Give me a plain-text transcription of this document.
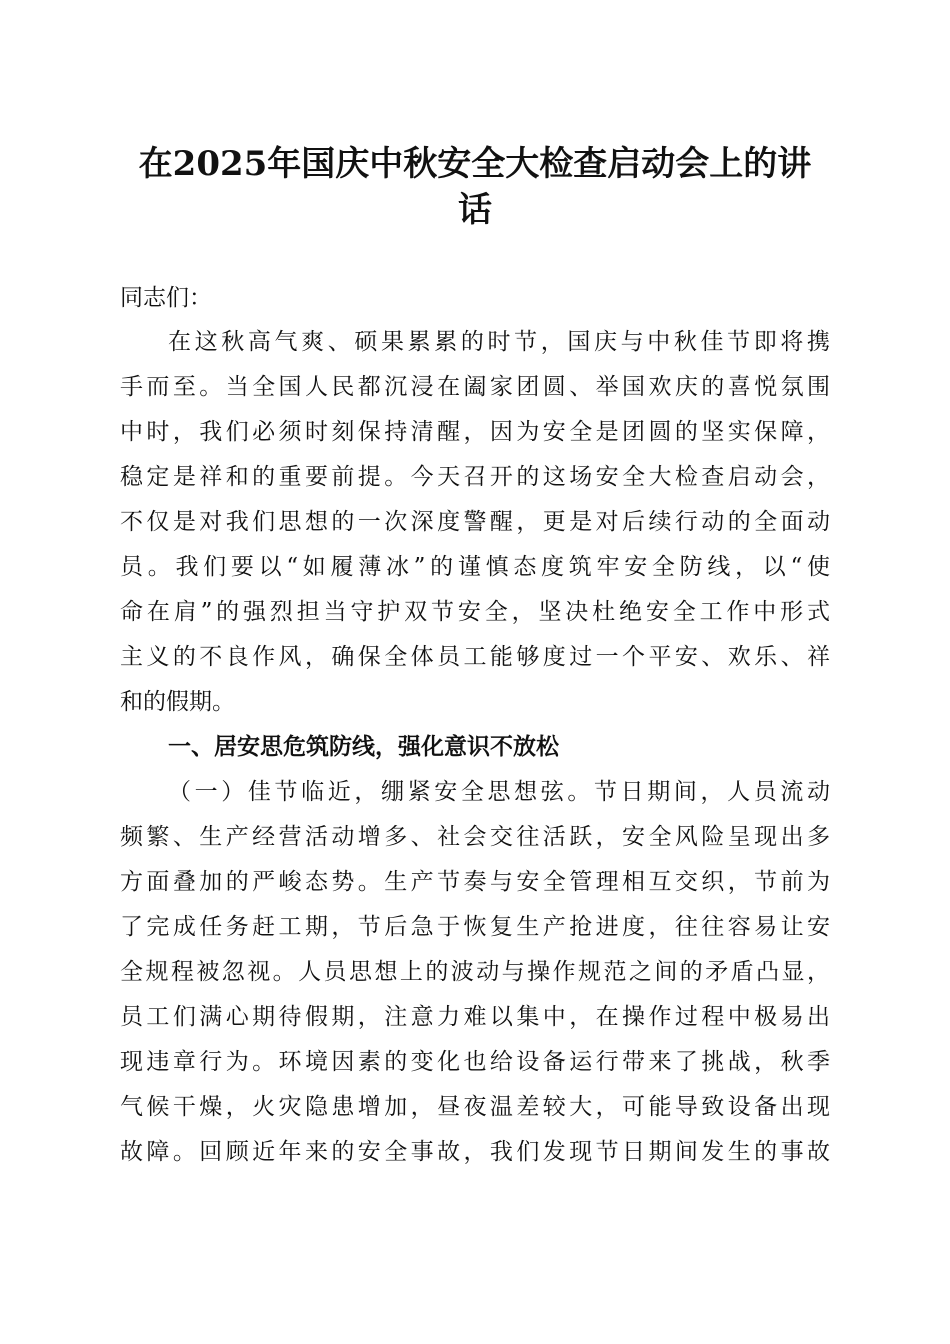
在2025年国庆中秋安全大检查启动会上的讲
话
同志们：
在这秋高气爽、硕果累累的时节，国庆与中秋佳节即将携
手而至。当全国人民都沉浸在阖家团圆、举国欢庆的喜悦氛围
中时，我们必须时刻保持清醒，因为安全是团圆的坚实保障，
稳定是祥和的重要前提。今天召开的这场安全大检查启动会，
不仅是对我们思想的一次深度警醒，更是对后续行动的全面动
员。我们要以“如履薄冰”的谨慎态度筑牢安全防线，以“使
命在肩”的强烈担当守护双节安全，坚决杜绝安全工作中形式
主义的不良作风，确保全体员工能够度过一个平安、欢乐、祥
和的假期。
一、居安思危筑防线，强化意识不放松
（一）佳节临近，绷紧安全思想弦。节日期间，人员流动
频繁、生产经营活动增多、社会交往活跃，安全风险呈现出多
方面叠加的严峻态势。生产节奏与安全管理相互交织，节前为
了完成任务赶工期，节后急于恢复生产抢进度，往往容易让安
全规程被忽视。人员思想上的波动与操作规范之间的矛盾凸显，
员工们满心期待假期，注意力难以集中，在操作过程中极易出
现违章行为。环境因素的变化也给设备运行带来了挑战，秋季
气候干燥，火灾隐患增加，昼夜温差较大，可能导致设备出现
故障。回顾近年来的安全事故，我们发现节日期间发生的事故
